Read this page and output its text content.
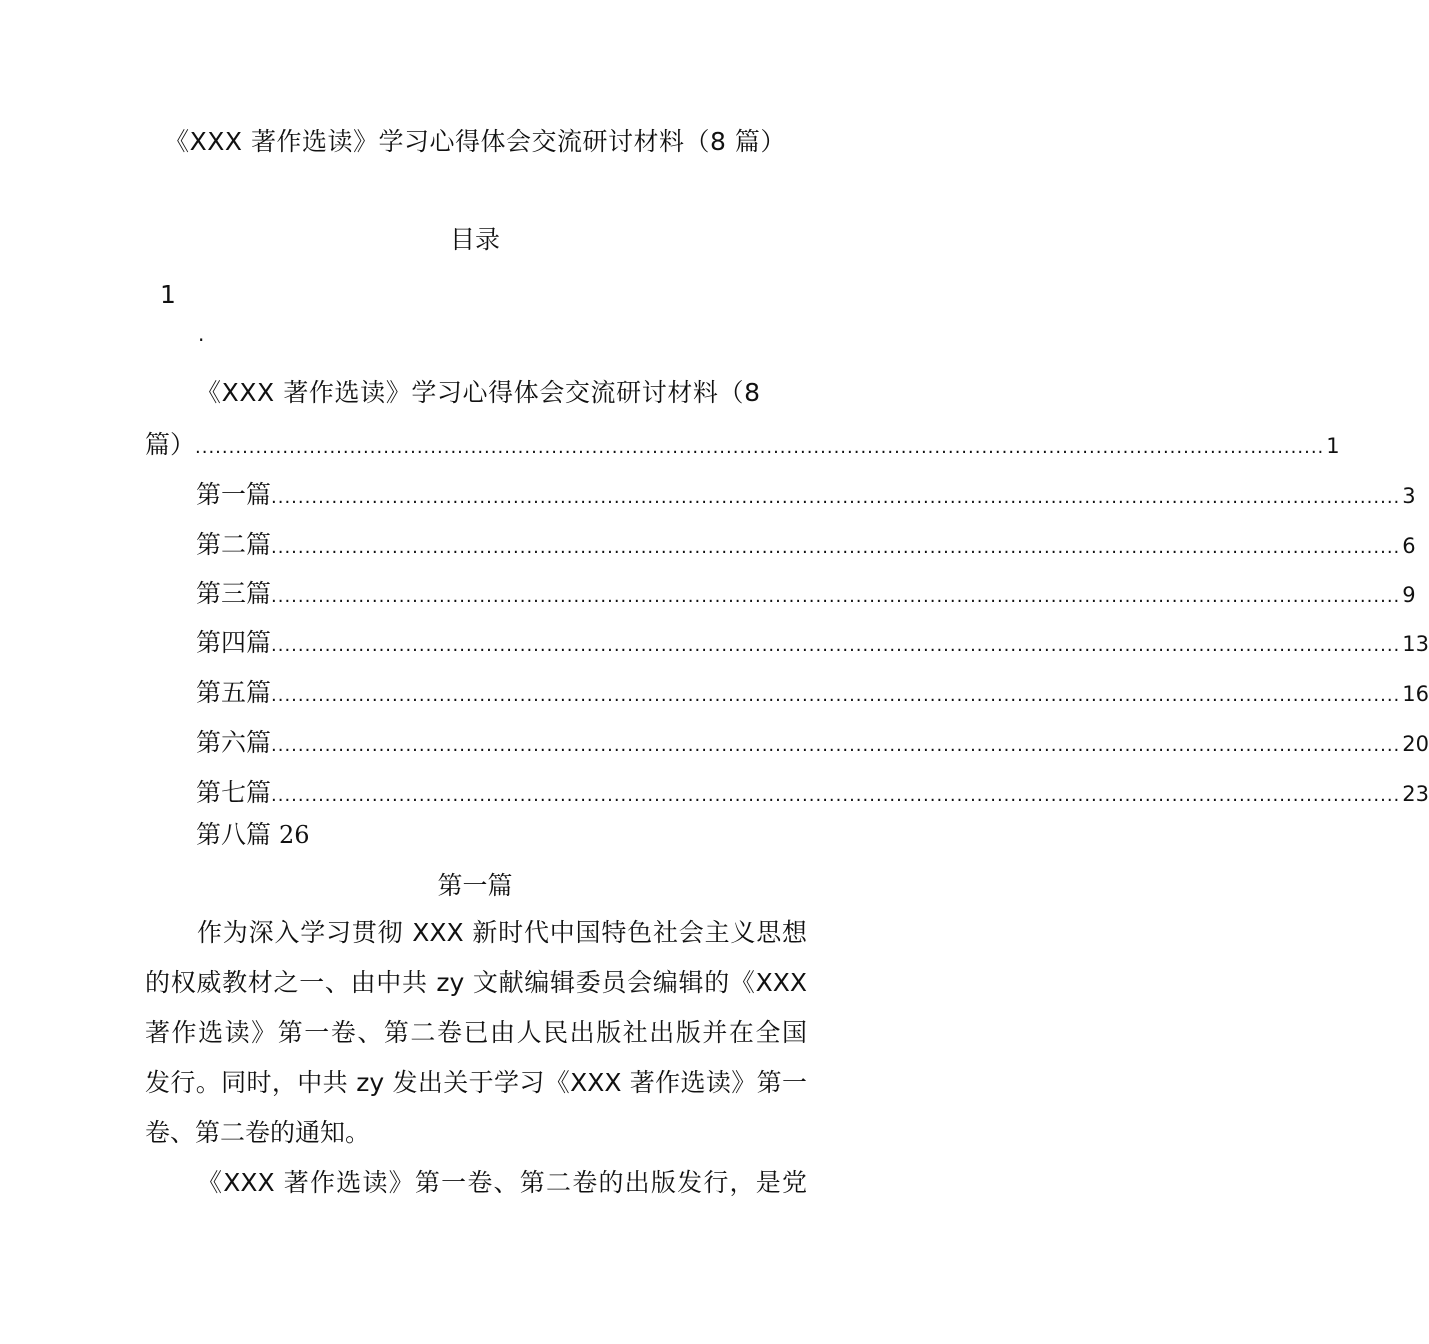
《XXX 著作选读》学习心得体会交流研讨材料（8 篇）
目录
1
.
《XXX 著作选读》学习心得体会交流研讨材料（8
篇） ........................................................................................................................................................................ 1
第一篇 ........................................................................................................................................................................ 3
第二篇 ........................................................................................................................................................................ 6
第三篇 ........................................................................................................................................................................ 9
第四篇 ........................................................................................................................................................................ 13
第五篇 ........................................................................................................................................................................ 16
第六篇 ........................................................................................................................................................................ 20
第七篇 ........................................................................................................................................................................ 23
第八篇 26
第一篇
作为深入学习贯彻 XXX 新时代中国特色社会主义思想
的权威教材之一、由中共 zy 文献编辑委员会编辑的《XXX
著作选读》第一卷、第二卷已由人民出版社出版并在全国
发行。同时，中共 zy 发出关于学习《XXX 著作选读》第一
卷、第二卷的通知。
《XXX 著作选读》第一卷、第二卷的出版发行，是党
